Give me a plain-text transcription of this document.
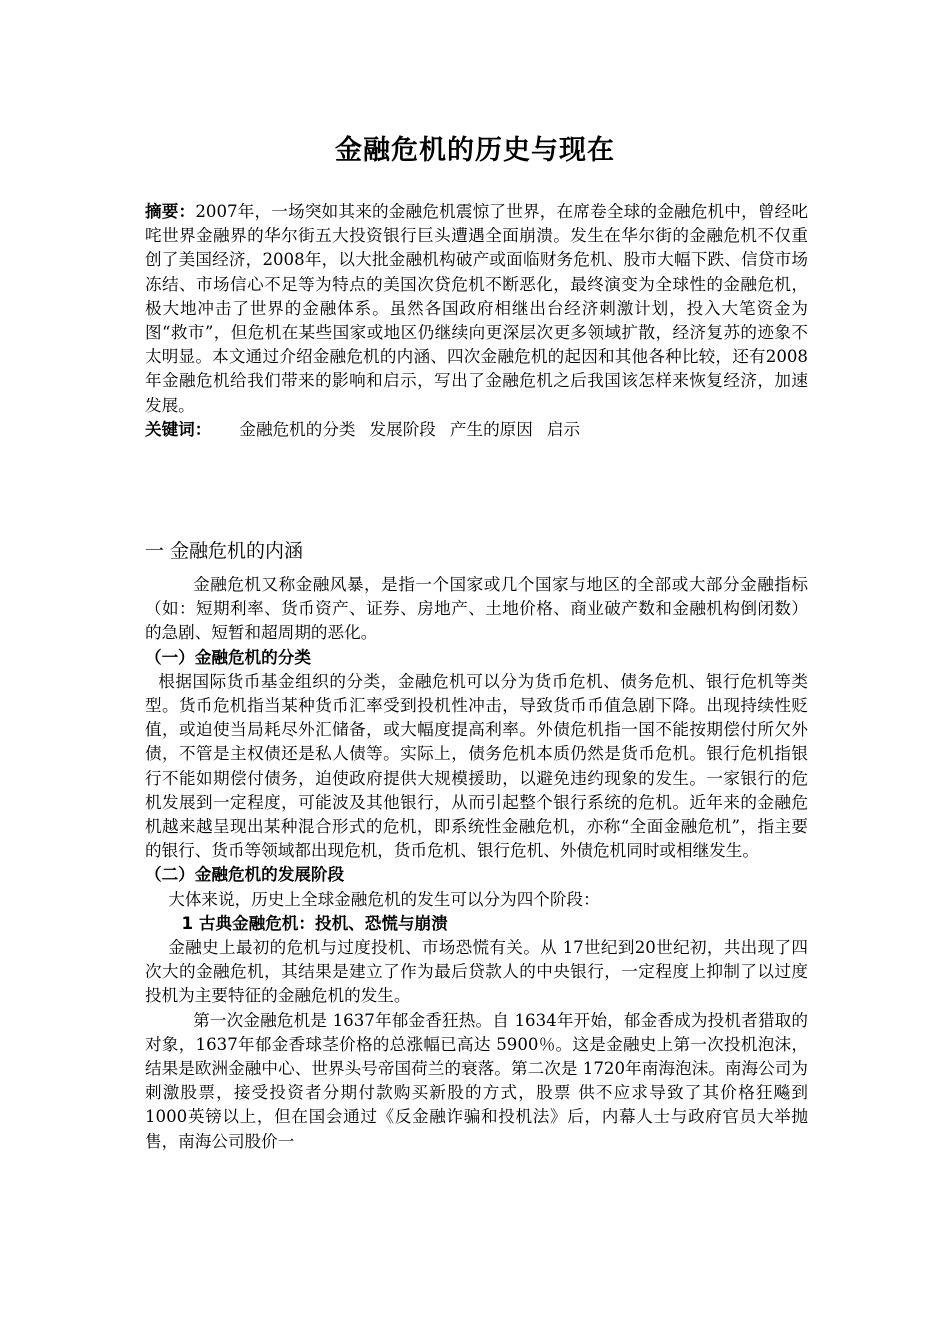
金融危机的历史与现在

摘要：2007年，一场突如其来的金融危机震惊了世界，在席卷全球的金融危机中，曾经叱咤世界金融界的华尔街五大投资银行巨头遭遇全面崩溃。发生在华尔街的金融危机不仅重创了美国经济，2008年，以大批金融机构破产或面临财务危机、股市大幅下跌、信贷市场冻结、市场信心不足等为特点的美国次贷危机不断恶化，最终演变为全球性的金融危机，极大地冲击了世界的金融体系。虽然各国政府相继出台经济刺激计划，投入大笔资金为图“救市”，但危机在某些国家或地区仍继续向更深层次更多领域扩散，经济复苏的迹象不太明显。本文通过介绍金融危机的内涵、四次金融危机的起因和其他各种比较，还有2008年金融危机给我们带来的影响和启示，写出了金融危机之后我国该怎样来恢复经济，加速发展。

关键词： 金融危机的分类 发展阶段 产生的原因 启示

一 金融危机的内涵

金融危机又称金融风暴，是指一个国家或几个国家与地区的全部或大部分金融指标（如：短期利率、货币资产、证券、房地产、土地价格、商业破产数和金融机构倒闭数）的急剧、短暂和超周期的恶化。

（一）金融危机的分类

根据国际货币基金组织的分类，金融危机可以分为货币危机、债务危机、银行危机等类型。货币危机指当某种货币汇率受到投机性冲击，导致货币币值急剧下降。出现持续性贬值，或迫使当局耗尽外汇储备，或大幅度提高利率。外债危机指一国不能按期偿付所欠外债，不管是主权债还是私人债等。实际上，债务危机本质仍然是货币危机。银行危机指银行不能如期偿付债务，迫使政府提供大规模援助，以避免违约现象的发生。一家银行的危机发展到一定程度，可能波及其他银行，从而引起整个银行系统的危机。近年来的金融危机越来越呈现出某种混合形式的危机，即系统性金融危机，亦称“全面金融危机”，指主要的银行、货币等领域都出现危机，货币危机、银行危机、外债危机同时或相继发生。

（二）金融危机的发展阶段

大体来说，历史上全球金融危机的发生可以分为四个阶段：

1 古典金融危机：投机、恐慌与崩溃

金融史上最初的危机与过度投机、市场恐慌有关。从 17世纪到20世纪初，共出现了四次大的金融危机，其结果是建立了作为最后贷款人的中央银行，一定程度上抑制了以过度投机为主要特征的金融危机的发生。

第一次金融危机是 1637年郁金香狂热。自 1634年开始，郁金香成为投机者猎取的对象，1637年郁金香球茎价格的总涨幅已高达 5900％。这是金融史上第一次投机泡沫，结果是欧洲金融中心、世界头号帝国荷兰的衰落。第二次是 1720年南海泡沫。南海公司为刺激股票，接受投资者分期付款购买新股的方式，股票 供不应求导致了其价格狂飚到 1000英镑以上，但在国会通过《反金融诈骗和投机法》后，内幕人士与政府官员大举抛售，南海公司股价一
